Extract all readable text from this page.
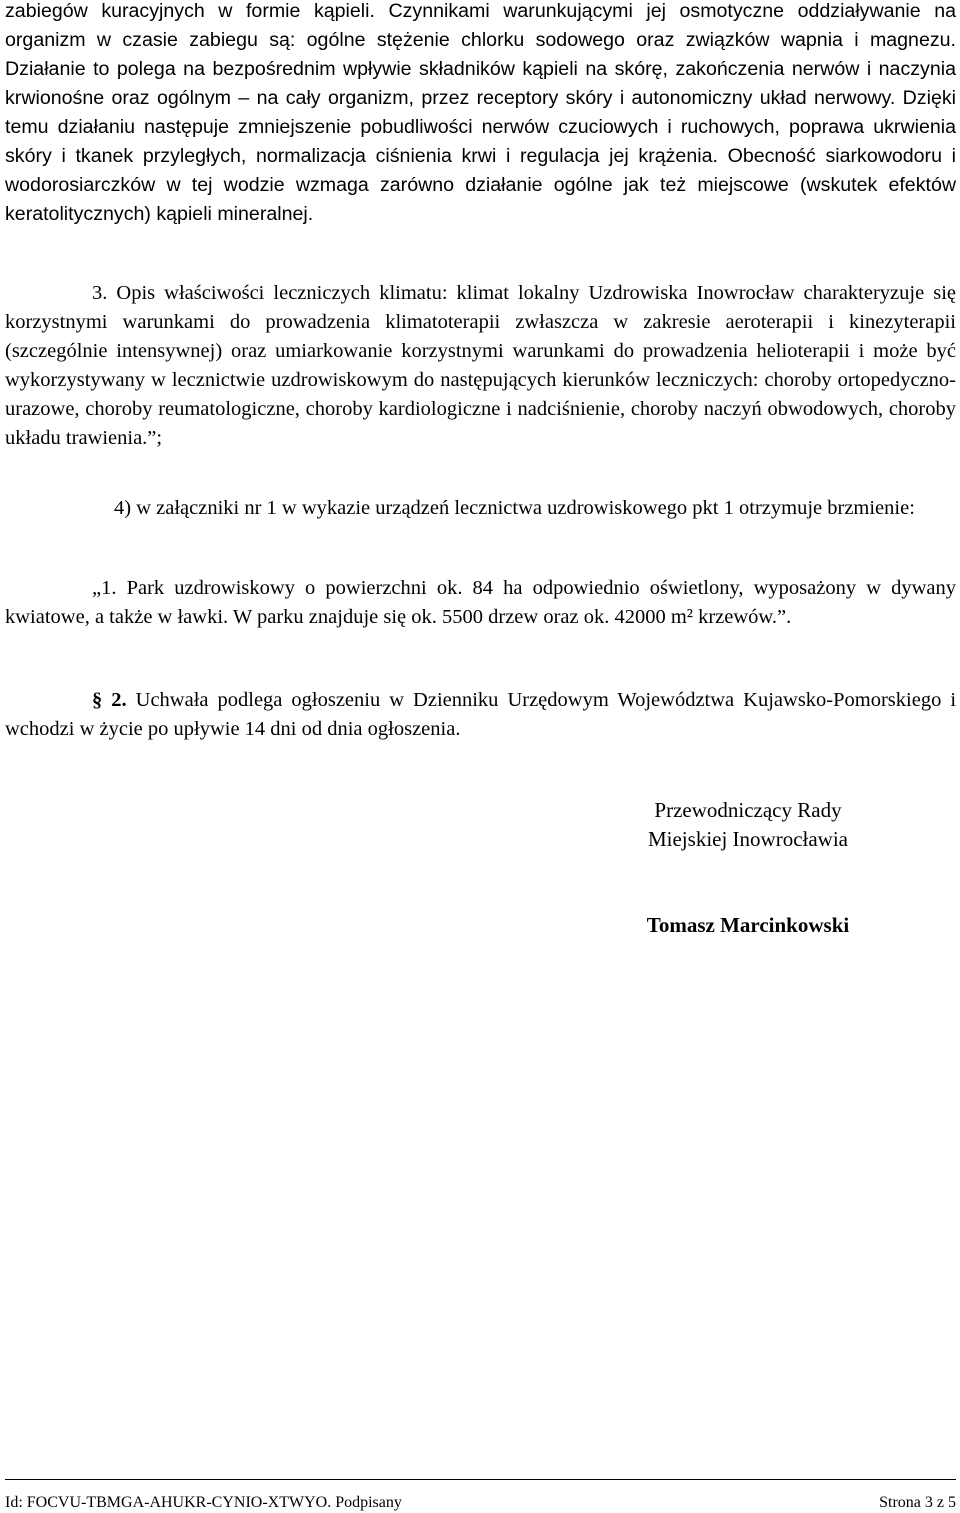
zabiegów kuracyjnych w formie kąpieli. Czynnikami warunkującymi jej osmotyczne oddziaływanie na organizm w czasie zabiegu są: ogólne stężenie chlorku sodowego oraz związków wapnia i magnezu. Działanie to polega na bezpośrednim wpływie składników kąpieli na skórę, zakończenia nerwów i naczynia krwionośne oraz ogólnym – na cały organizm, przez receptory skóry i autonomiczny układ nerwowy. Dzięki temu działaniu następuje zmniejszenie pobudliwości nerwów czuciowych i ruchowych, poprawa ukrwienia skóry i tkanek przyległych, normalizacja ciśnienia krwi i regulacja jej krążenia. Obecność siarkowodoru i wodorosiarczków w tej wodzie wzmaga zarówno działanie ogólne jak też miejscowe (wskutek efektów keratolitycznych) kąpieli mineralnej.

3. Opis właściwości leczniczych klimatu: klimat lokalny Uzdrowiska Inowrocław charakteryzuje się korzystnymi warunkami do prowadzenia klimatoterapii zwłaszcza w zakresie aeroterapii i kinezyterapii (szczególnie intensywnej) oraz umiarkowanie korzystnymi warunkami do prowadzenia helioterapii i może być wykorzystywany w lecznictwie uzdrowiskowym do następujących kierunków leczniczych: choroby ortopedyczno-urazowe, choroby reumatologiczne, choroby kardiologiczne i nadciśnienie, choroby naczyń obwodowych, choroby układu trawienia.”;

4) w załączniki nr 1 w wykazie urządzeń lecznictwa uzdrowiskowego pkt 1 otrzymuje brzmienie:

„1. Park uzdrowiskowy o powierzchni ok. 84 ha odpowiednio oświetlony, wyposażony w dywany kwiatowe, a także w ławki. W parku znajduje się ok. 5500 drzew oraz ok. 42000 m² krzewów.”.

§ 2. Uchwała podlega ogłoszeniu w Dzienniku Urzędowym Województwa Kujawsko-Pomorskiego i wchodzi w życie po upływie 14 dni od dnia ogłoszenia.

Przewodniczący Rady
Miejskiej Inowrocławia
Tomasz Marcinkowski
Id: FOCVU-TBMGA-AHUKR-CYNIO-XTWYO. Podpisany	Strona 3 z 5
